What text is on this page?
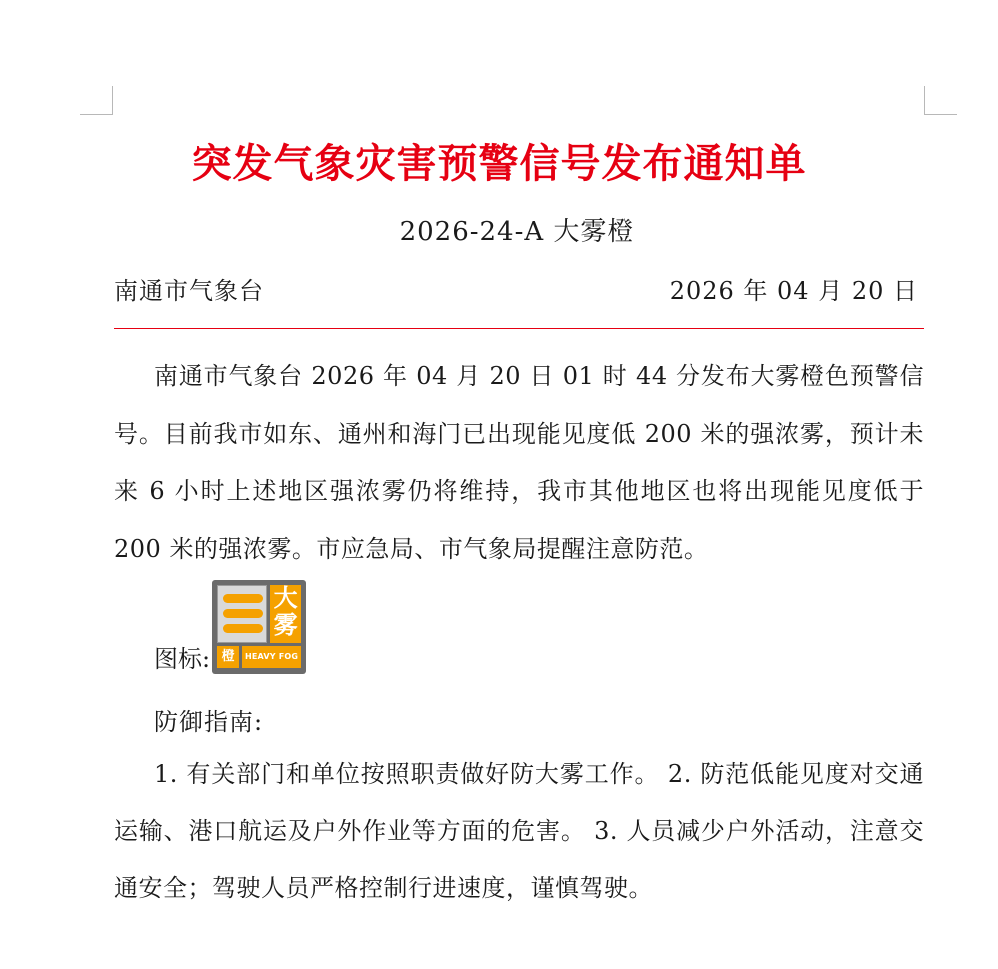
突发气象灾害预警信号发布通知单
2026-24-A 大雾橙
南通市气象台	2026 年 04 月 20 日
南通市气象台 2026 年 04 月 20 日 01 时 44 分发布大雾橙色预警信号。目前我市如东、通州和海门已出现能见度低 200 米的强浓雾，预计未来 6 小时上述地区强浓雾仍将维持，我市其他地区也将出现能见度低于 200 米的强浓雾。市应急局、市气象局提醒注意防范。
图标:
大雾
橙	HEAVY FOG
防御指南:
1. 有关部门和单位按照职责做好防大雾工作。 2. 防范低能见度对交通运输、港口航运及户外作业等方面的危害。 3. 人员减少户外活动，注意交通安全；驾驶人员严格控制行进速度，谨慎驾驶。
